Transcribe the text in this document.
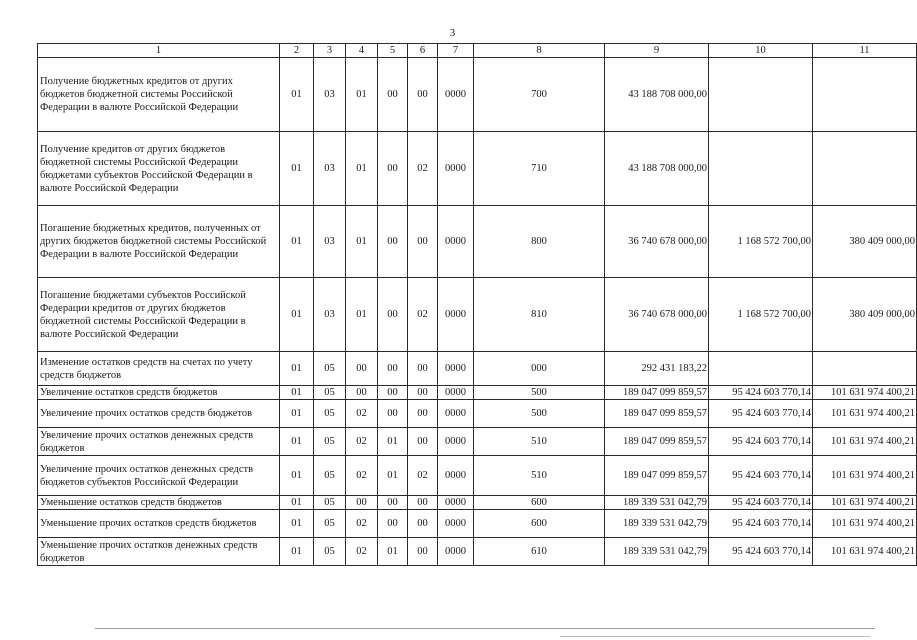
3
1	2	3	4	5	6	7	8	9	10	11
Получение бюджетных кредитов от других бюджетов бюджетной системы Российской Федерации в валюте Российской Федерации	01	03	01	00	00	0000	700	43 188 708 000,00		
Получение кредитов от других бюджетов бюджетной системы Российской Федерации бюджетами субъектов Российской Федерации в валюте Российской Федерации	01	03	01	00	02	0000	710	43 188 708 000,00		
Погашение бюджетных кредитов, полученных от других бюджетов бюджетной системы Российской Федерации в валюте Российской Федерации	01	03	01	00	00	0000	800	36 740 678 000,00	1 168 572 700,00	380 409 000,00
Погашение бюджетами субъектов Российской Федерации кредитов от других бюджетов бюджетной системы Российской Федерации в валюте Российской Федерации	01	03	01	00	02	0000	810	36 740 678 000,00	1 168 572 700,00	380 409 000,00
Изменение остатков средств на счетах по учету средств бюджетов	01	05	00	00	00	0000	000	292 431 183,22		
Увеличение остатков средств бюджетов	01	05	00	00	00	0000	500	189 047 099 859,57	95 424 603 770,14	101 631 974 400,21
Увеличение прочих остатков средств бюджетов	01	05	02	00	00	0000	500	189 047 099 859,57	95 424 603 770,14	101 631 974 400,21
Увеличение прочих остатков денежных средств бюджетов	01	05	02	01	00	0000	510	189 047 099 859,57	95 424 603 770,14	101 631 974 400,21
Увеличение прочих остатков денежных средств бюджетов субъектов Российской Федерации	01	05	02	01	02	0000	510	189 047 099 859,57	95 424 603 770,14	101 631 974 400,21
Уменьшение остатков средств бюджетов	01	05	00	00	00	0000	600	189 339 531 042,79	95 424 603 770,14	101 631 974 400,21
Уменьшение прочих остатков средств бюджетов	01	05	02	00	00	0000	600	189 339 531 042,79	95 424 603 770,14	101 631 974 400,21
Уменьшение прочих остатков денежных средств бюджетов	01	05	02	01	00	0000	610	189 339 531 042,79	95 424 603 770,14	101 631 974 400,21
